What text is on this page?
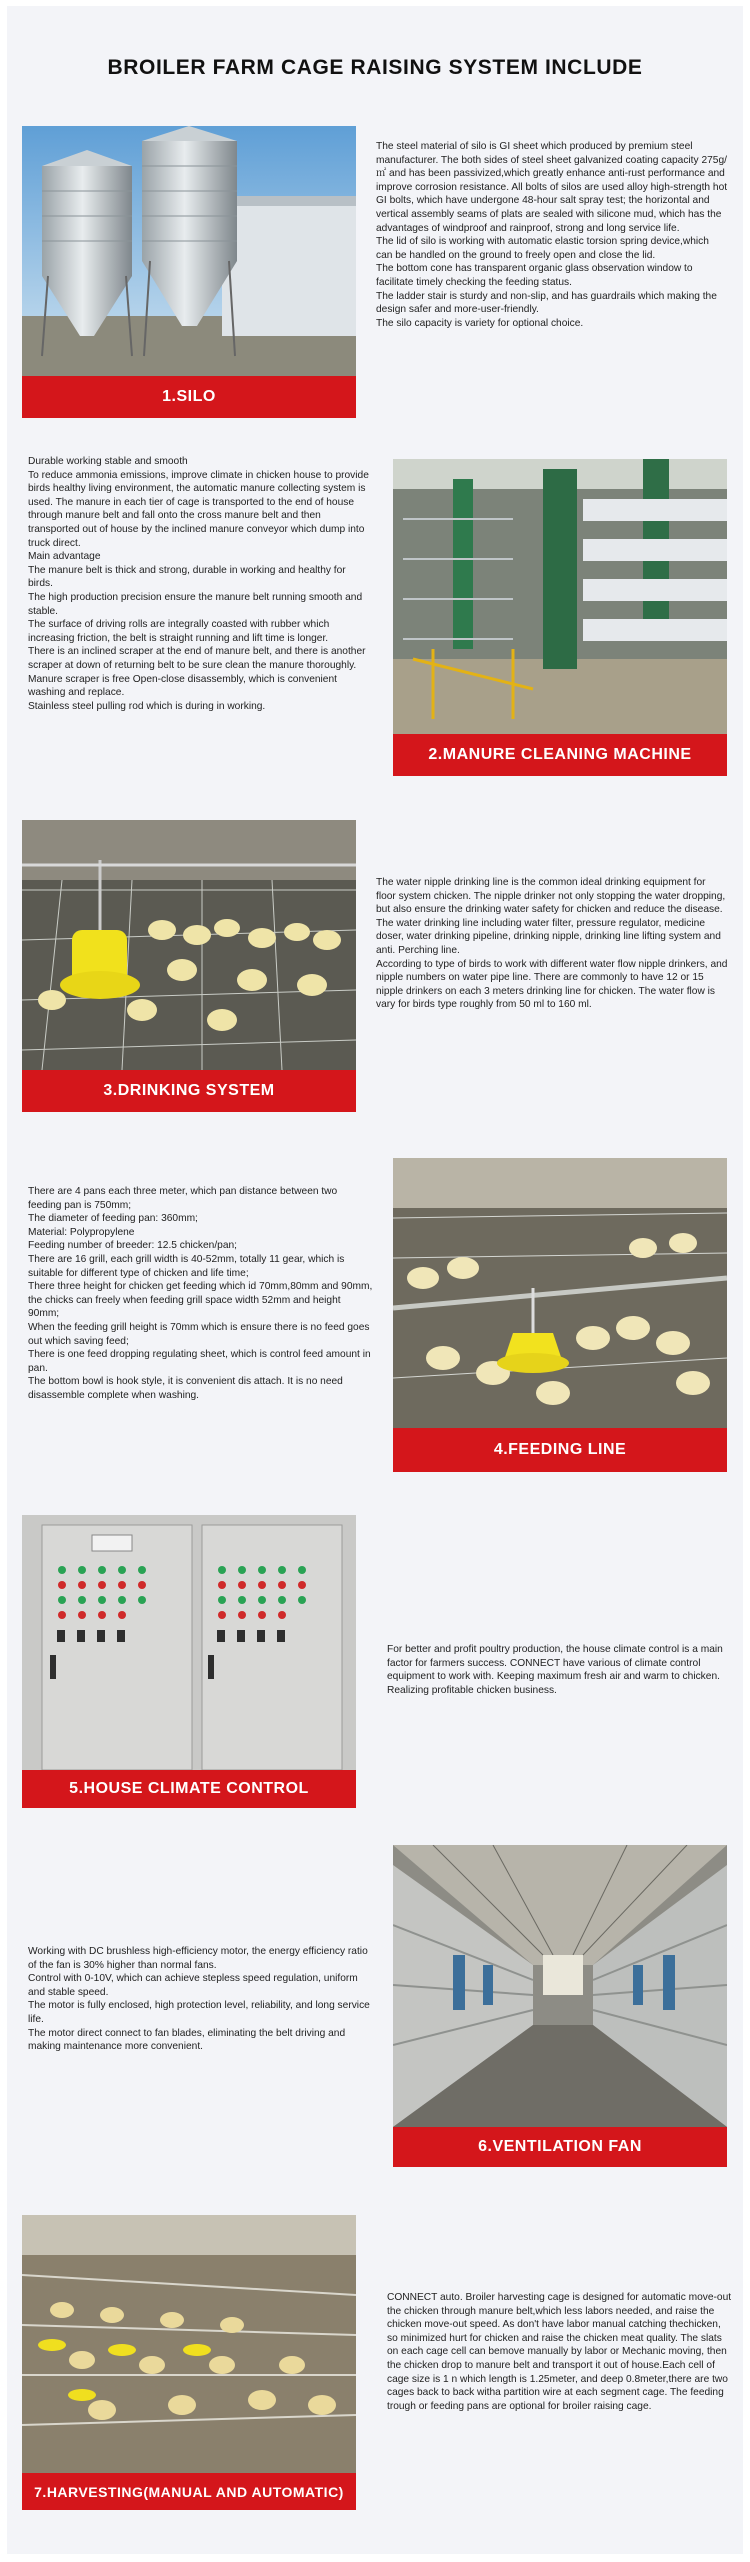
BROILER FARM CAGE RAISING SYSTEM INCLUDE
1.SILO

The steel material of silo is GI sheet which produced by premium steel manufacturer. The both sides of steel sheet galvanized coating capacity 275g/㎡ and has been passivized,which greatly enhance anti-rust performance and improve corrosion resistance. All bolts of silos are used alloy high-strength hot GI bolts, which have undergone 48-hour salt spray test; the horizontal and vertical assembly seams of plats are sealed with silicone mud, which has the advantages of windproof and rainproof, strong and long service life.

The lid of silo is working with automatic elastic torsion spring device,which can be handled on the ground to freely open and close the lid.

The bottom cone has transparent organic glass observation window to facilitate timely checking the feeding status.

The ladder stair is sturdy and non-slip, and has guardrails which making the design safer and more-user-friendly.

The silo capacity is variety for optional choice.

Durable working stable and smooth

To reduce ammonia emissions, improve climate in chicken house to provide birds healthy living environment, the automatic manure collecting system is used. The manure in each tier of cage is transported to the end of house through manure belt and fall onto the cross manure belt and then transported out of house by the inclined manure conveyor which dump into truck direct.

Main advantage

The manure belt is thick and strong, durable in working and healthy for birds.

The high production precision ensure the manure belt running smooth and stable.

The surface of driving rolls are integrally coasted with rubber which increasing friction, the belt is straight running and lift time is longer.

There is an inclined scraper at the end of manure belt, and there is another scraper at down of returning belt to be sure clean the manure thoroughly.

Manure scraper is free Open-close disassembly, which is convenient washing and replace.

Stainless steel pulling rod which is during in working.

2.MANURE CLEANING MACHINE
3.DRINKING SYSTEM

The water nipple drinking line is the common ideal drinking equipment for floor system chicken. The nipple drinker not only stopping the water dropping, but also ensure the drinking water safety for chicken and reduce the disease.

The water drinking line including water filter, pressure regulator, medicine doser, water drinking pipeline, drinking nipple, drinking line lifting system and anti. Perching line.

According to type of birds to work with different water flow nipple drinkers, and nipple numbers on water pipe line. There are commonly to have 12 or 15 nipple drinkers on each 3 meters drinking line for chicken. The water flow is vary for birds type roughly from 50 ml to 160 ml.

There are 4 pans each three meter, which pan distance between two feeding pan is 750mm;

The diameter of feeding pan: 360mm;

Material: Polypropylene

Feeding number of breeder: 12.5 chicken/pan;

There are 16 grill, each grill width is 40-52mm, totally 11 gear, which is suitable for different type of chicken and life time;

There three height for chicken get feeding which id 70mm,80mm and 90mm, the chicks can freely when feeding grill space width 52mm and height 90mm;

When the feeding grill height is 70mm which is ensure there is no feed goes out which saving feed;

There is one feed dropping regulating sheet, which is control feed amount in pan.

The bottom bowl is hook style, it is convenient dis attach. It is no need disassemble complete when washing.

4.FEEDING LINE
5.HOUSE CLIMATE CONTROL

For better and profit poultry production, the house climate control is a main factor for farmers success. CONNECT have various of climate control equipment to work with. Keeping maximum fresh air and warm to chicken. Realizing profitable chicken business.

Working with DC brushless high-efficiency motor, the energy efficiency ratio of the fan is 30% higher than normal fans.

Control with 0-10V, which can achieve stepless speed regulation, uniform and stable speed.

The motor is fully enclosed, high protection level, reliability, and long service life.

The motor direct connect to fan blades, eliminating the belt driving and making maintenance more convenient.

6.VENTILATION FAN
7.HARVESTING(MANUAL AND AUTOMATIC)

CONNECT auto. Broiler harvesting cage is designed for automatic move-out the chicken through manure belt,which less labors needed, and raise the chicken move-out speed. As don't have labor manual catching thechicken, so minimized hurt for chicken and raise the chicken meat quality. The slats on each cage cell can bemove manually by labor or Mechanic moving, then the chicken drop to manure belt and transport it out of house.Each cell of cage size is 1 n which length is 1.25meter, and deep 0.8meter,there are two cages back to back witha partition wire at each segment cage. The feeding trough or feeding pans are optional for broiler raising cage.
